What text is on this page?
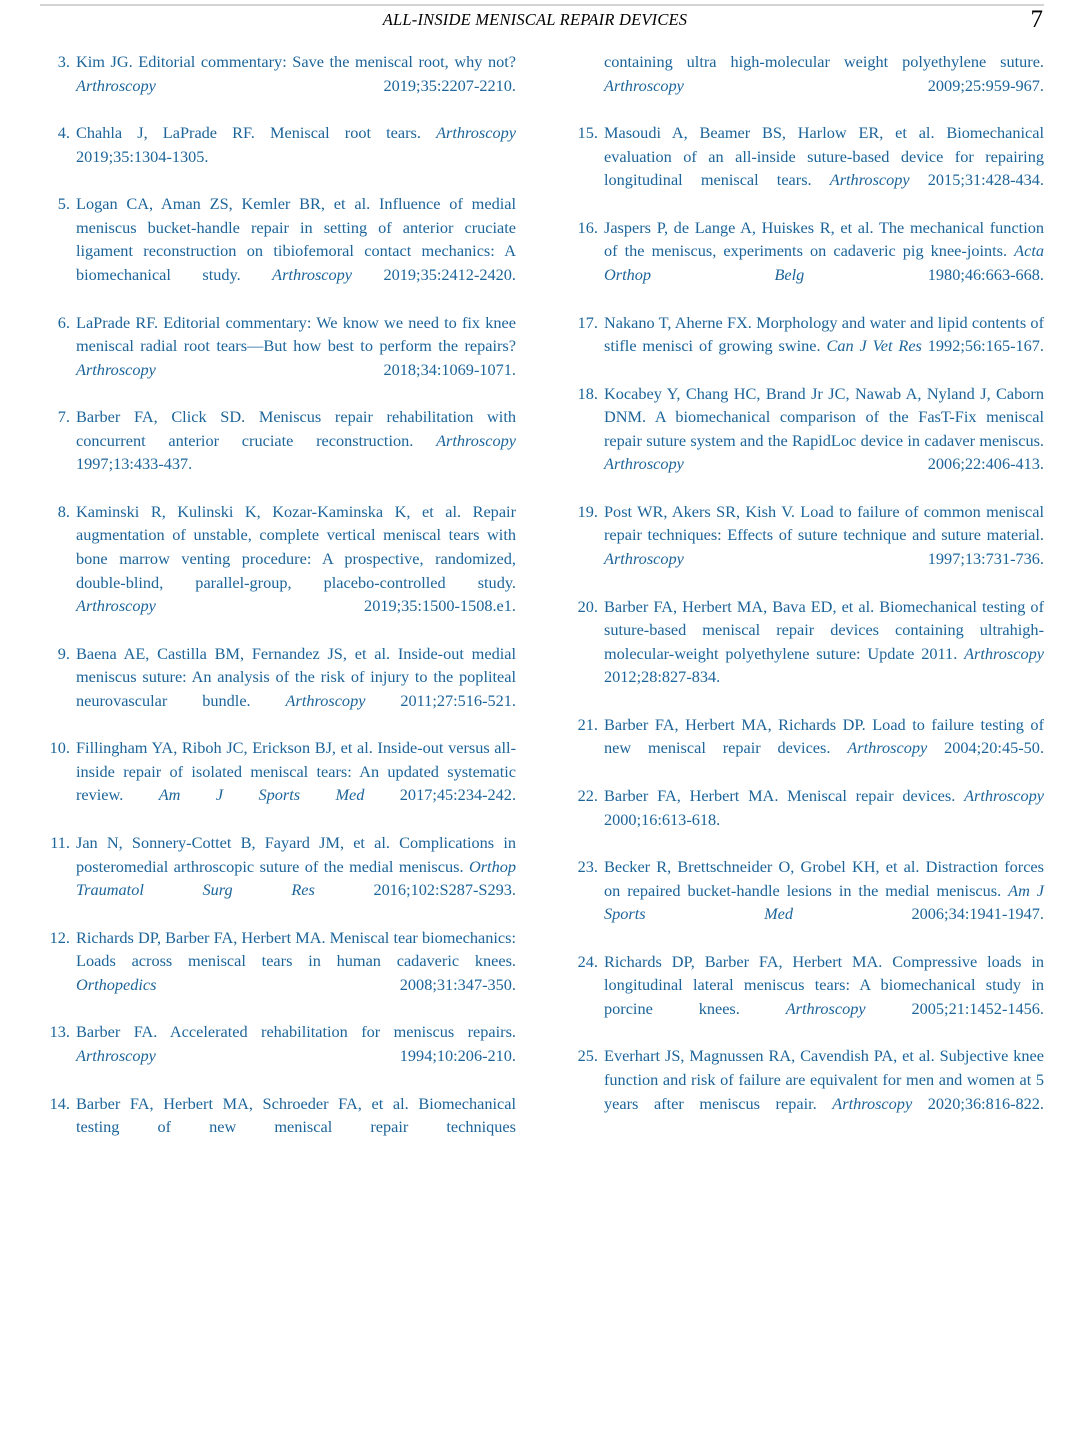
ALL-INSIDE MENISCAL REPAIR DEVICES	7
3. Kim JG. Editorial commentary: Save the meniscal root, why not? Arthroscopy 2019;35:2207-2210.
4. Chahla J, LaPrade RF. Meniscal root tears. Arthroscopy 2019;35:1304-1305.
5. Logan CA, Aman ZS, Kemler BR, et al. Influence of medial meniscus bucket-handle repair in setting of anterior cruciate ligament reconstruction on tibiofemoral contact mechanics: A biomechanical study. Arthroscopy 2019;35:2412-2420.
6. LaPrade RF. Editorial commentary: We know we need to fix knee meniscal radial root tears—But how best to perform the repairs? Arthroscopy 2018;34:1069-1071.
7. Barber FA, Click SD. Meniscus repair rehabilitation with concurrent anterior cruciate reconstruction. Arthroscopy 1997;13:433-437.
8. Kaminski R, Kulinski K, Kozar-Kaminska K, et al. Repair augmentation of unstable, complete vertical meniscal tears with bone marrow venting procedure: A prospective, randomized, double-blind, parallel-group, placebo-controlled study. Arthroscopy 2019;35:1500-1508.e1.
9. Baena AE, Castilla BM, Fernandez JS, et al. Inside-out medial meniscus suture: An analysis of the risk of injury to the popliteal neurovascular bundle. Arthroscopy 2011;27:516-521.
10. Fillingham YA, Riboh JC, Erickson BJ, et al. Inside-out versus all-inside repair of isolated meniscal tears: An updated systematic review. Am J Sports Med 2017;45:234-242.
11. Jan N, Sonnery-Cottet B, Fayard JM, et al. Complications in posteromedial arthroscopic suture of the medial meniscus. Orthop Traumatol Surg Res 2016;102:S287-S293.
12. Richards DP, Barber FA, Herbert MA. Meniscal tear biomechanics: Loads across meniscal tears in human cadaveric knees. Orthopedics 2008;31:347-350.
13. Barber FA. Accelerated rehabilitation for meniscus repairs. Arthroscopy 1994;10:206-210.
14. Barber FA, Herbert MA, Schroeder FA, et al. Biomechanical testing of new meniscal repair techniques
containing ultra high-molecular weight polyethylene suture. Arthroscopy 2009;25:959-967.
15. Masoudi A, Beamer BS, Harlow ER, et al. Biomechanical evaluation of an all-inside suture-based device for repairing longitudinal meniscal tears. Arthroscopy 2015;31:428-434.
16. Jaspers P, de Lange A, Huiskes R, et al. The mechanical function of the meniscus, experiments on cadaveric pig knee-joints. Acta Orthop Belg 1980;46:663-668.
17. Nakano T, Aherne FX. Morphology and water and lipid contents of stifle menisci of growing swine. Can J Vet Res 1992;56:165-167.
18. Kocabey Y, Chang HC, Brand Jr JC, Nawab A, Nyland J, Caborn DNM. A biomechanical comparison of the FasT-Fix meniscal repair suture system and the RapidLoc device in cadaver meniscus. Arthroscopy 2006;22:406-413.
19. Post WR, Akers SR, Kish V. Load to failure of common meniscal repair techniques: Effects of suture technique and suture material. Arthroscopy 1997;13:731-736.
20. Barber FA, Herbert MA, Bava ED, et al. Biomechanical testing of suture-based meniscal repair devices containing ultrahigh-molecular-weight polyethylene suture: Update 2011. Arthroscopy 2012;28:827-834.
21. Barber FA, Herbert MA, Richards DP. Load to failure testing of new meniscal repair devices. Arthroscopy 2004;20:45-50.
22. Barber FA, Herbert MA. Meniscal repair devices. Arthroscopy 2000;16:613-618.
23. Becker R, Brettschneider O, Grobel KH, et al. Distraction forces on repaired bucket-handle lesions in the medial meniscus. Am J Sports Med 2006;34:1941-1947.
24. Richards DP, Barber FA, Herbert MA. Compressive loads in longitudinal lateral meniscus tears: A biomechanical study in porcine knees. Arthroscopy 2005;21:1452-1456.
25. Everhart JS, Magnussen RA, Cavendish PA, et al. Subjective knee function and risk of failure are equivalent for men and women at 5 years after meniscus repair. Arthroscopy 2020;36:816-822.
